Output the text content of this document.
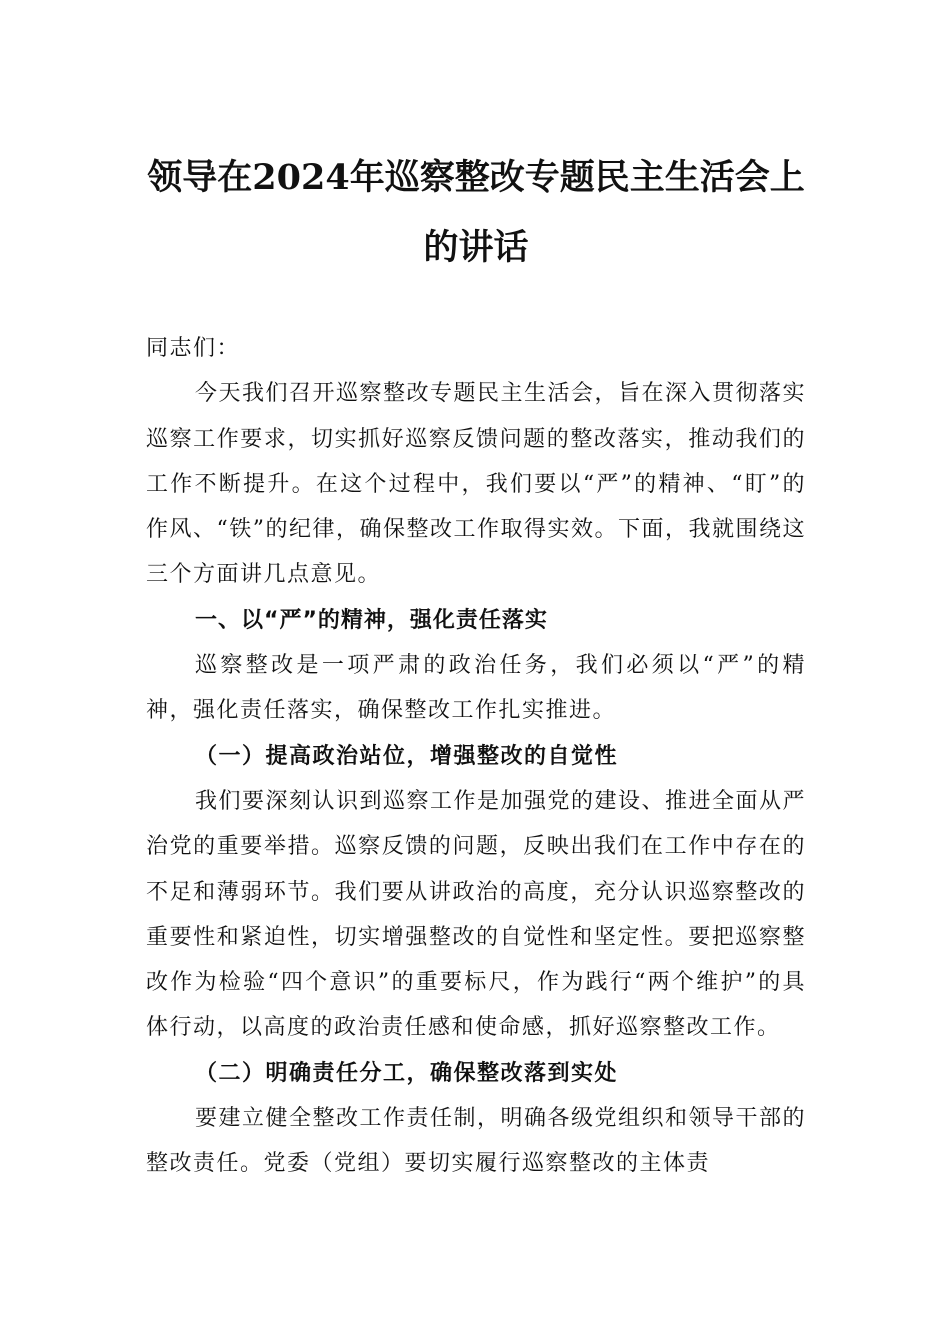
领导在2024年巡察整改专题民主生活会上
的讲话

同志们：

今天我们召开巡察整改专题民主生活会，旨在深入贯彻落实巡察工作要求，切实抓好巡察反馈问题的整改落实，推动我们的工作不断提升。在这个过程中，我们要以“严”的精神、“盯”的作风、“铁”的纪律，确保整改工作取得实效。下面，我就围绕这三个方面讲几点意见。

一、以“严”的精神，强化责任落实

巡察整改是一项严肃的政治任务，我们必须以“严”的精神，强化责任落实，确保整改工作扎实推进。

（一）提高政治站位，增强整改的自觉性

我们要深刻认识到巡察工作是加强党的建设、推进全面从严治党的重要举措。巡察反馈的问题，反映出我们在工作中存在的不足和薄弱环节。我们要从讲政治的高度，充分认识巡察整改的重要性和紧迫性，切实增强整改的自觉性和坚定性。要把巡察整改作为检验“四个意识”的重要标尺，作为践行“两个维护”的具体行动，以高度的政治责任感和使命感，抓好巡察整改工作。

（二）明确责任分工，确保整改落到实处

要建立健全整改工作责任制，明确各级党组织和领导干部的整改责任。党委（党组）要切实履行巡察整改的主体责
